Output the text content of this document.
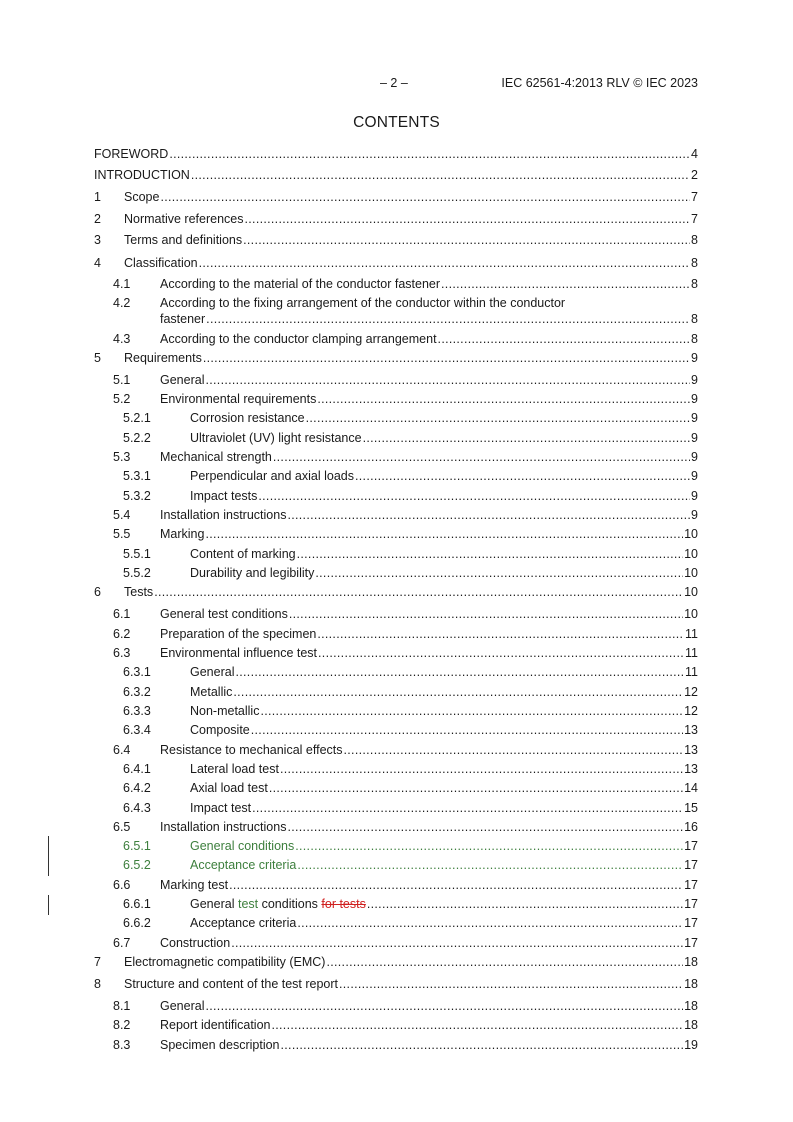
– 2 –	IEC 62561-4:2013 RLV © IEC 2023
CONTENTS
FOREWORD .....	4
INTRODUCTION .....	2
1 Scope .....	7
2 Normative references .....	7
3 Terms and definitions .....	8
4 Classification .....	8
4.1 According to the material of the conductor fastener .....	8
4.2 According to the fixing arrangement of the conductor within the conductor
fastener .....	8
4.3 According to the conductor clamping arrangement .....	8
5 Requirements .....	9
5.1 General .....	9
5.2 Environmental requirements .....	9
5.2.1	Corrosion resistance .....	9
5.2.2	Ultraviolet (UV) light resistance .....	9
5.3 Mechanical strength .....	9
5.3.1	Perpendicular and axial loads .....	9
5.3.2	Impact tests .....	9
5.4 Installation instructions .....	9
5.5 Marking .....	10
5.5.1	Content of marking .....	10
5.5.2	Durability and legibility .....	10
6 Tests .....	10
6.1 General test conditions .....	10
6.2 Preparation of the specimen .....	11
6.3 Environmental influence test .....	11
6.3.1	General .....	11
6.3.2	Metallic .....	12
6.3.3	Non-metallic .....	12
6.3.4	Composite .....	13
6.4 Resistance to mechanical effects .....	13
6.4.1	Lateral load test .....	13
6.4.2	Axial load test .....	14
6.4.3	Impact test .....	15
6.5 Installation instructions .....	16
6.5.1	General conditions .....	17
6.5.2	Acceptance criteria .....	17
6.6 Marking test .....	17
6.6.1	General test conditions for tests .....	17
6.6.2	Acceptance criteria .....	17
6.7 Construction .....	17
7 Electromagnetic compatibility (EMC) .....	18
8 Structure and content of the test report .....	18
8.1 General .....	18
8.2 Report identification .....	18
8.3 Specimen description .....	19
